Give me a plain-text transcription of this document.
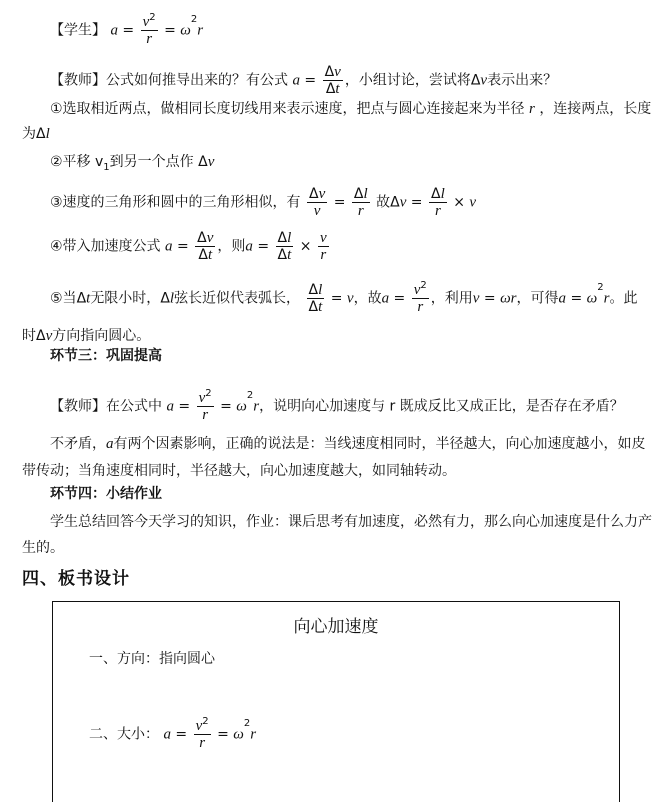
【学生】 $a = \frac{v^2}{r} = \omega^2r$
【教师】公式如何推导出来的？有公式 $a = \frac{\Delta v}{\Delta t}$ ，小组讨论，尝试将Δv表示出来？
①选取相近两点，做相同长度切线用来表示速度，把点与圆心连接起来为半径 r ，连接两点，长度
为Δl
②平移 $v_1$到另一个点作 Δv
③速度的三角形和圆中的三角形相似，有 $\frac{\Delta v}{v} = \frac{\Delta l}{r}$ 故$\Delta v = \frac{\Delta l}{r} \times v$
④带入加速度公式 $a = \frac{\Delta v}{\Delta t}$ ，则$a = \frac{\Delta l}{\Delta t} \times \frac{v}{r}$
⑤当Δt无限小时，Δl弦长近似代表弧长， $\frac{\Delta l}{\Delta t} = v$，故$a = \frac{v^2}{r}$ ，利用v = ωr，可得$a = \omega^2r$。此
时Δv方向指向圆心。
环节三：巩固提高
【教师】在公式中 $a = \frac{v^2}{r} = \omega^2r$，说明向心加速度与 r 既成反比又成正比，是否存在矛盾？
不矛盾，a有两个因素影响，正确的说法是：当线速度相同时，半径越大，向心加速度越小，如皮
带传动；当角速度相同时，半径越大，向心加速度越大，如同轴转动。
环节四：小结作业
学生总结回答今天学习的知识，作业：课后思考有加速度，必然有力，那么向心加速度是什么力产
生的。
四、板书设计
向心加速度
一、方向：指向圆心
二、大小： $a = \frac{v^2}{r} = \omega^2r$
